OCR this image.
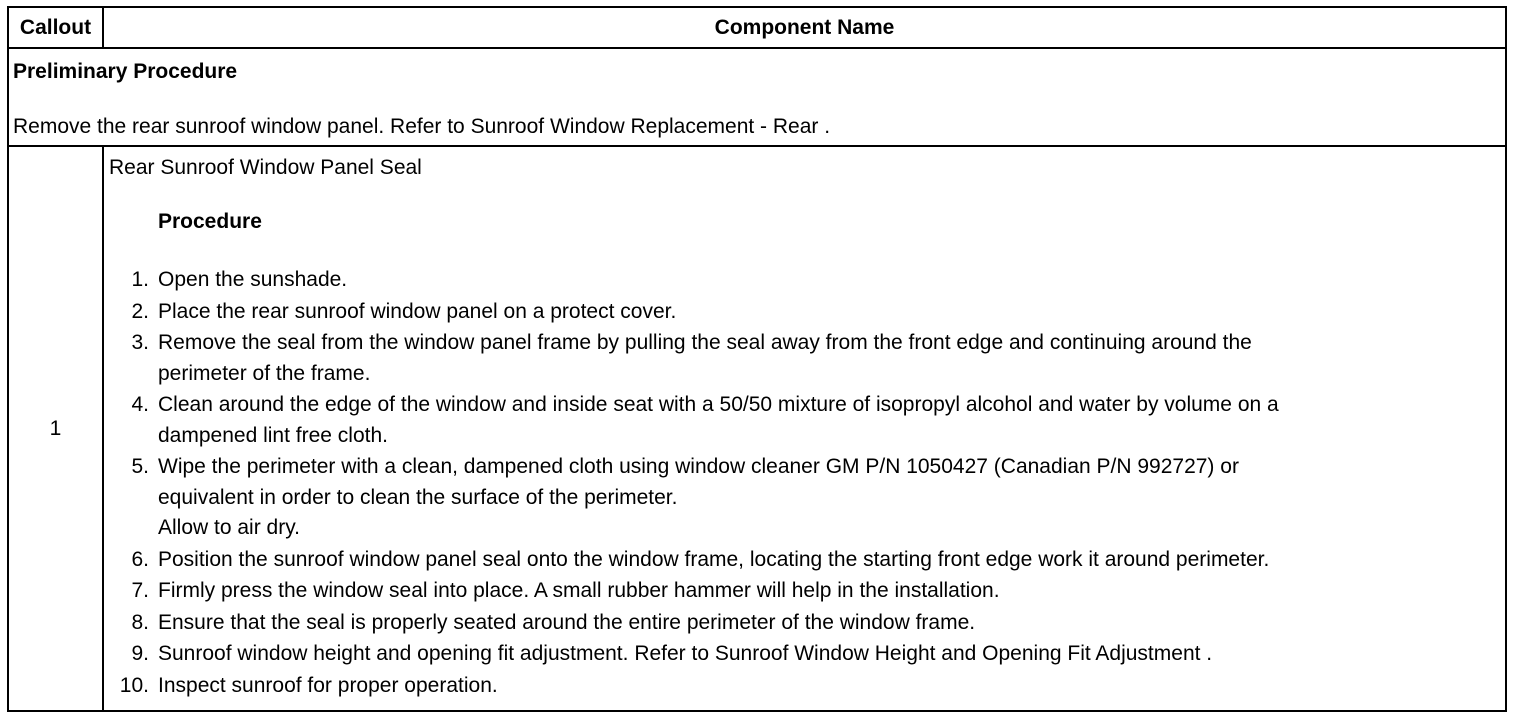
Callout	Component Name
Preliminary Procedure
Remove the rear sunroof window panel. Refer to Sunroof Window Replacement - Rear .
1
Rear Sunroof Window Panel Seal
Procedure
1. Open the sunshade.
2. Place the rear sunroof window panel on a protect cover.
3. Remove the seal from the window panel frame by pulling the seal away from the front edge and continuing around the
perimeter of the frame.
4. Clean around the edge of the window and inside seat with a 50/50 mixture of isopropyl alcohol and water by volume on a
dampened lint free cloth.
5. Wipe the perimeter with a clean, dampened cloth using window cleaner GM P/N 1050427 (Canadian P/N 992727) or
equivalent in order to clean the surface of the perimeter.
Allow to air dry.
6. Position the sunroof window panel seal onto the window frame, locating the starting front edge work it around perimeter.
7. Firmly press the window seal into place. A small rubber hammer will help in the installation.
8. Ensure that the seal is properly seated around the entire perimeter of the window frame.
9. Sunroof window height and opening fit adjustment. Refer to Sunroof Window Height and Opening Fit Adjustment .
10. Inspect sunroof for proper operation.
